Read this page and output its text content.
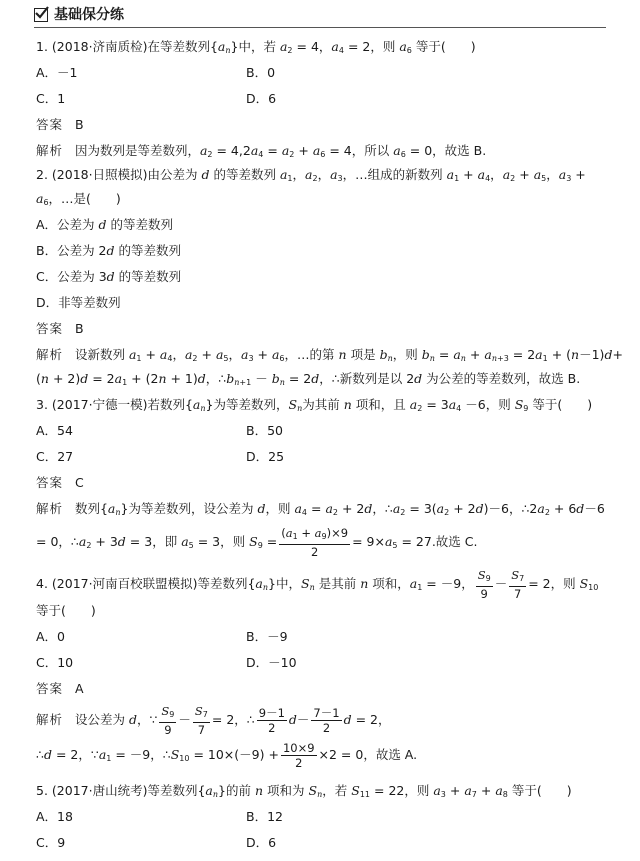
基础保分练
1. (2018·济南质检)在等差数列$\{a_n\}$中，若 $a_2 = 4$，$a_4 = 2$，则 $a_6$ 等于(　　)
A．－1	B．0
C．1	D．6
答案 B
解析 因为数列是等差数列，$a_2 = 4,2a_4 = a_2 + a_6 = 4$，所以 $a_6 = 0$，故选 B.
2. (2018·日照模拟)由公差为 d 的等差数列 $a_1$，$a_2$，$a_3$，…组成的新数列 $a_1 + a_4$，$a_2 + a_5$，$a_3$ +
$a_6$，…是(　　)
A．公差为 d 的等差数列
B．公差为 2d 的等差数列
C．公差为 3d 的等差数列
D．非等差数列
答案 B
解析 设新数列 $a_1 + a_4$，$a_2 + a_5$，$a_3 + a_6$，…的第 n 项是 $b_n$，则 $b_n = a_n + a_{n+3} = 2a_1 + (n-1)d+$
$(n + 2)d = 2a_1 + (2n + 1)d$，$\therefore b_{n+1} - b_n = 2d$，∴新数列是以 2d 为公差的等差数列，故选 B.
3. (2017·宁德一模)若数列$\{a_n\}$为等差数列，$S_n$为其前 n 项和，且 $a_2 = 3a_4 -6$，则 $S_9$ 等于(　　)
A．54	B．50
C．27	D．25
答案 C
解析 数列$\{a_n\}$为等差数列，设公差为 d，则 $a_4 = a_2 + 2d$，$\therefore a_2 = 3(a_2 + 2d)-6$，$\therefore 2a_2 + 6d-6$
= 0，$\therefore a_2 + 3d = 3$，即 $a_5 = 3$，则 $S_9 = \frac{(a_1 + a_9)\times 9}{2} = 9\times a_5 = 27$.故选 C.
4. (2017·河南百校联盟模拟)等差数列$\{a_n\}$中，$S_n$ 是其前 n 项和，$a_1 = -9$， $\frac{S_9}{9} - \frac{S_7}{7} = 2$，则 $S_{10}$
等于(　　)
A．0	B．－9
C．10	D．－10
答案 A
解析 设公差为 d，∵ $\frac{S_9}{9} - \frac{S_7}{7} = 2$，∴ $\frac{9-1}{2} d- \frac{7-1}{2}$ d = 2，
∴d = 2，$\because a_1 = -9$，$\therefore S_{10} = 10\times(-9) + \frac{10\times 9}{2} \times 2 = 0$，故选 A.
5. (2017·唐山统考)等差数列$\{a_n\}$的前 n 项和为 $S_n$，若 $S_{11} = 22$，则 $a_3 + a_7 + a_8$ 等于(　　)
A．18	B．12
C．9	D．6
